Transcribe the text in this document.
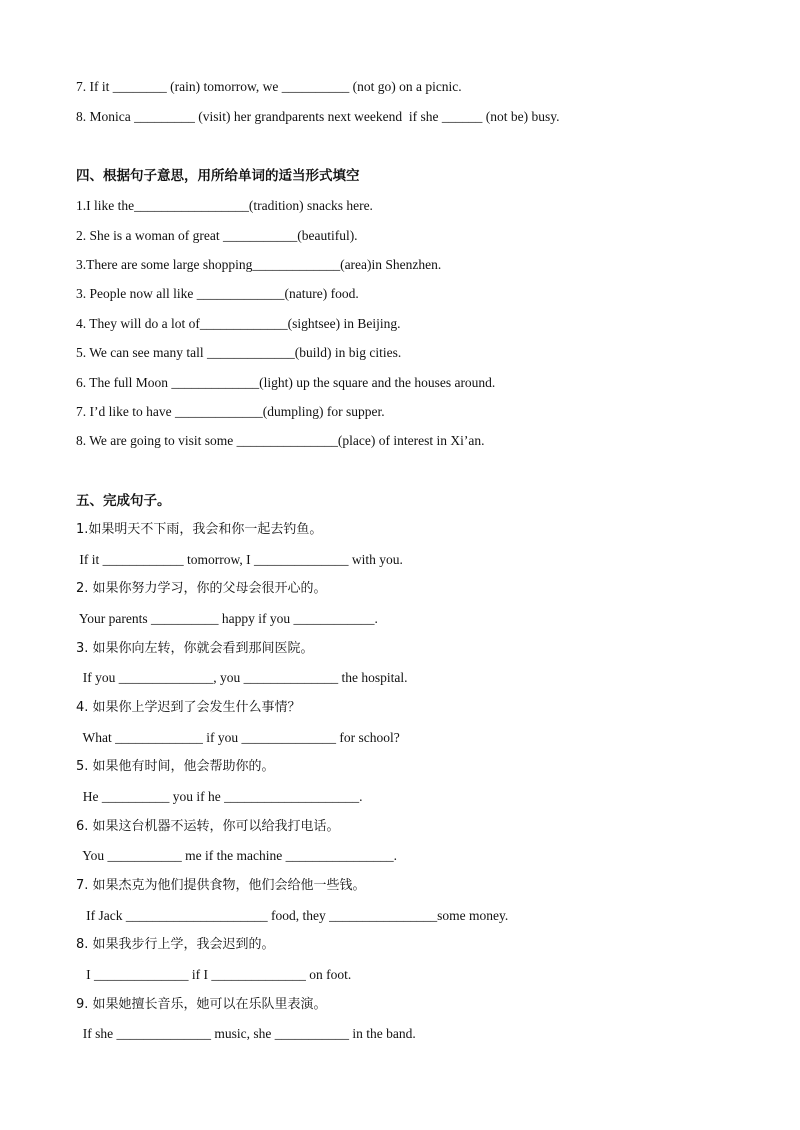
7. If it ________ (rain) tomorrow, we __________ (not go) on a picnic.
8. Monica _________ (visit) her grandparents next weekend  if she ______ (not be) busy.
四、根据句子意思，用所给单词的适当形式填空
1.I like the_________________(tradition) snacks here.
2. She is a woman of great ___________(beautiful).
3.There are some large shopping_____________(area)in Shenzhen.
3. People now all like _____________(nature) food.
4. They will do a lot of_____________(sightsee) in Beijing.
5. We can see many tall _____________(build) in big cities.
6. The full Moon _____________(light) up the square and the houses around.
7. I’d like to have _____________(dumpling) for supper.
8. We are going to visit some _______________(place) of interest in Xi’an.
五、完成句子。
1.如果明天不下雨，我会和你一起去钓鱼。
If it ____________ tomorrow, I ______________ with you.
2. 如果你努力学习，你的父母会很开心的。
Your parents __________ happy if you ____________.
3. 如果你向左转，你就会看到那间医院。
If you ______________, you ______________ the hospital.
4. 如果你上学迟到了会发生什么事情？
What _____________ if you ______________ for school?
5. 如果他有时间，他会帮助你的。
He __________ you if he ____________________.
6. 如果这台机器不运转，你可以给我打电话。
You ___________ me if the machine ________________.
7. 如果杰克为他们提供食物，他们会给他一些钱。
If Jack _____________________ food, they ________________some money.
8. 如果我步行上学，我会迟到的。
I ______________ if I ______________ on foot.
9. 如果她擅长音乐，她可以在乐队里表演。
If she ______________ music, she ___________ in the band.
